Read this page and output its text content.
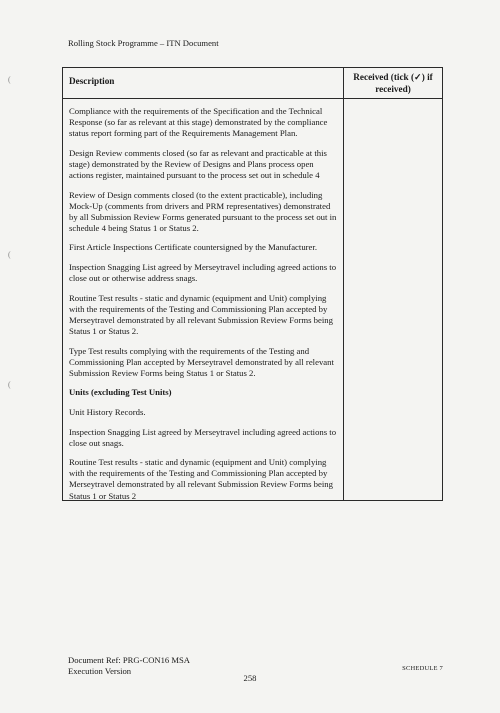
(
(
(
Rolling Stock Programme – ITN Document
Description	Received (tick (✓) if received)

Compliance with the requirements of the Specification and the Technical Response (so far as relevant at this stage) demonstrated by the compliance status report forming part of the Requirements Management Plan.

Design Review comments closed (so far as relevant and practicable at this stage) demonstrated by the Review of Designs and Plans process open actions register, maintained pursuant to the process set out in schedule 4

Review of Design comments closed (to the extent practicable), including Mock-Up (comments from drivers and PRM representatives) demonstrated by all Submission Review Forms generated pursuant to the process set out in schedule 4 being Status 1 or Status 2.

First Article Inspections Certificate countersigned by the Manufacturer.

Inspection Snagging List agreed by Merseytravel including agreed actions to close out or otherwise address snags.

Routine Test results - static and dynamic (equipment and Unit) complying with the requirements of the Testing and Commissioning Plan accepted by Merseytravel demonstrated by all relevant Submission Review Forms being Status 1 or Status 2.

Type Test results complying with the requirements of the Testing and Commissioning Plan accepted by Merseytravel demonstrated by all relevant Submission Review Forms being Status 1 or Status 2.

Units (excluding Test Units)

Unit History Records.

Inspection Snagging List agreed by Merseytravel including agreed actions to close out snags.

Routine Test results - static and dynamic (equipment and Unit) complying with the requirements of the Testing and Commissioning Plan accepted by Merseytravel demonstrated by all relevant Submission Review Forms being Status 1 or Status 2

Document Ref: PRG-CON16 MSA
Execution Version
258
SCHEDULE 7
